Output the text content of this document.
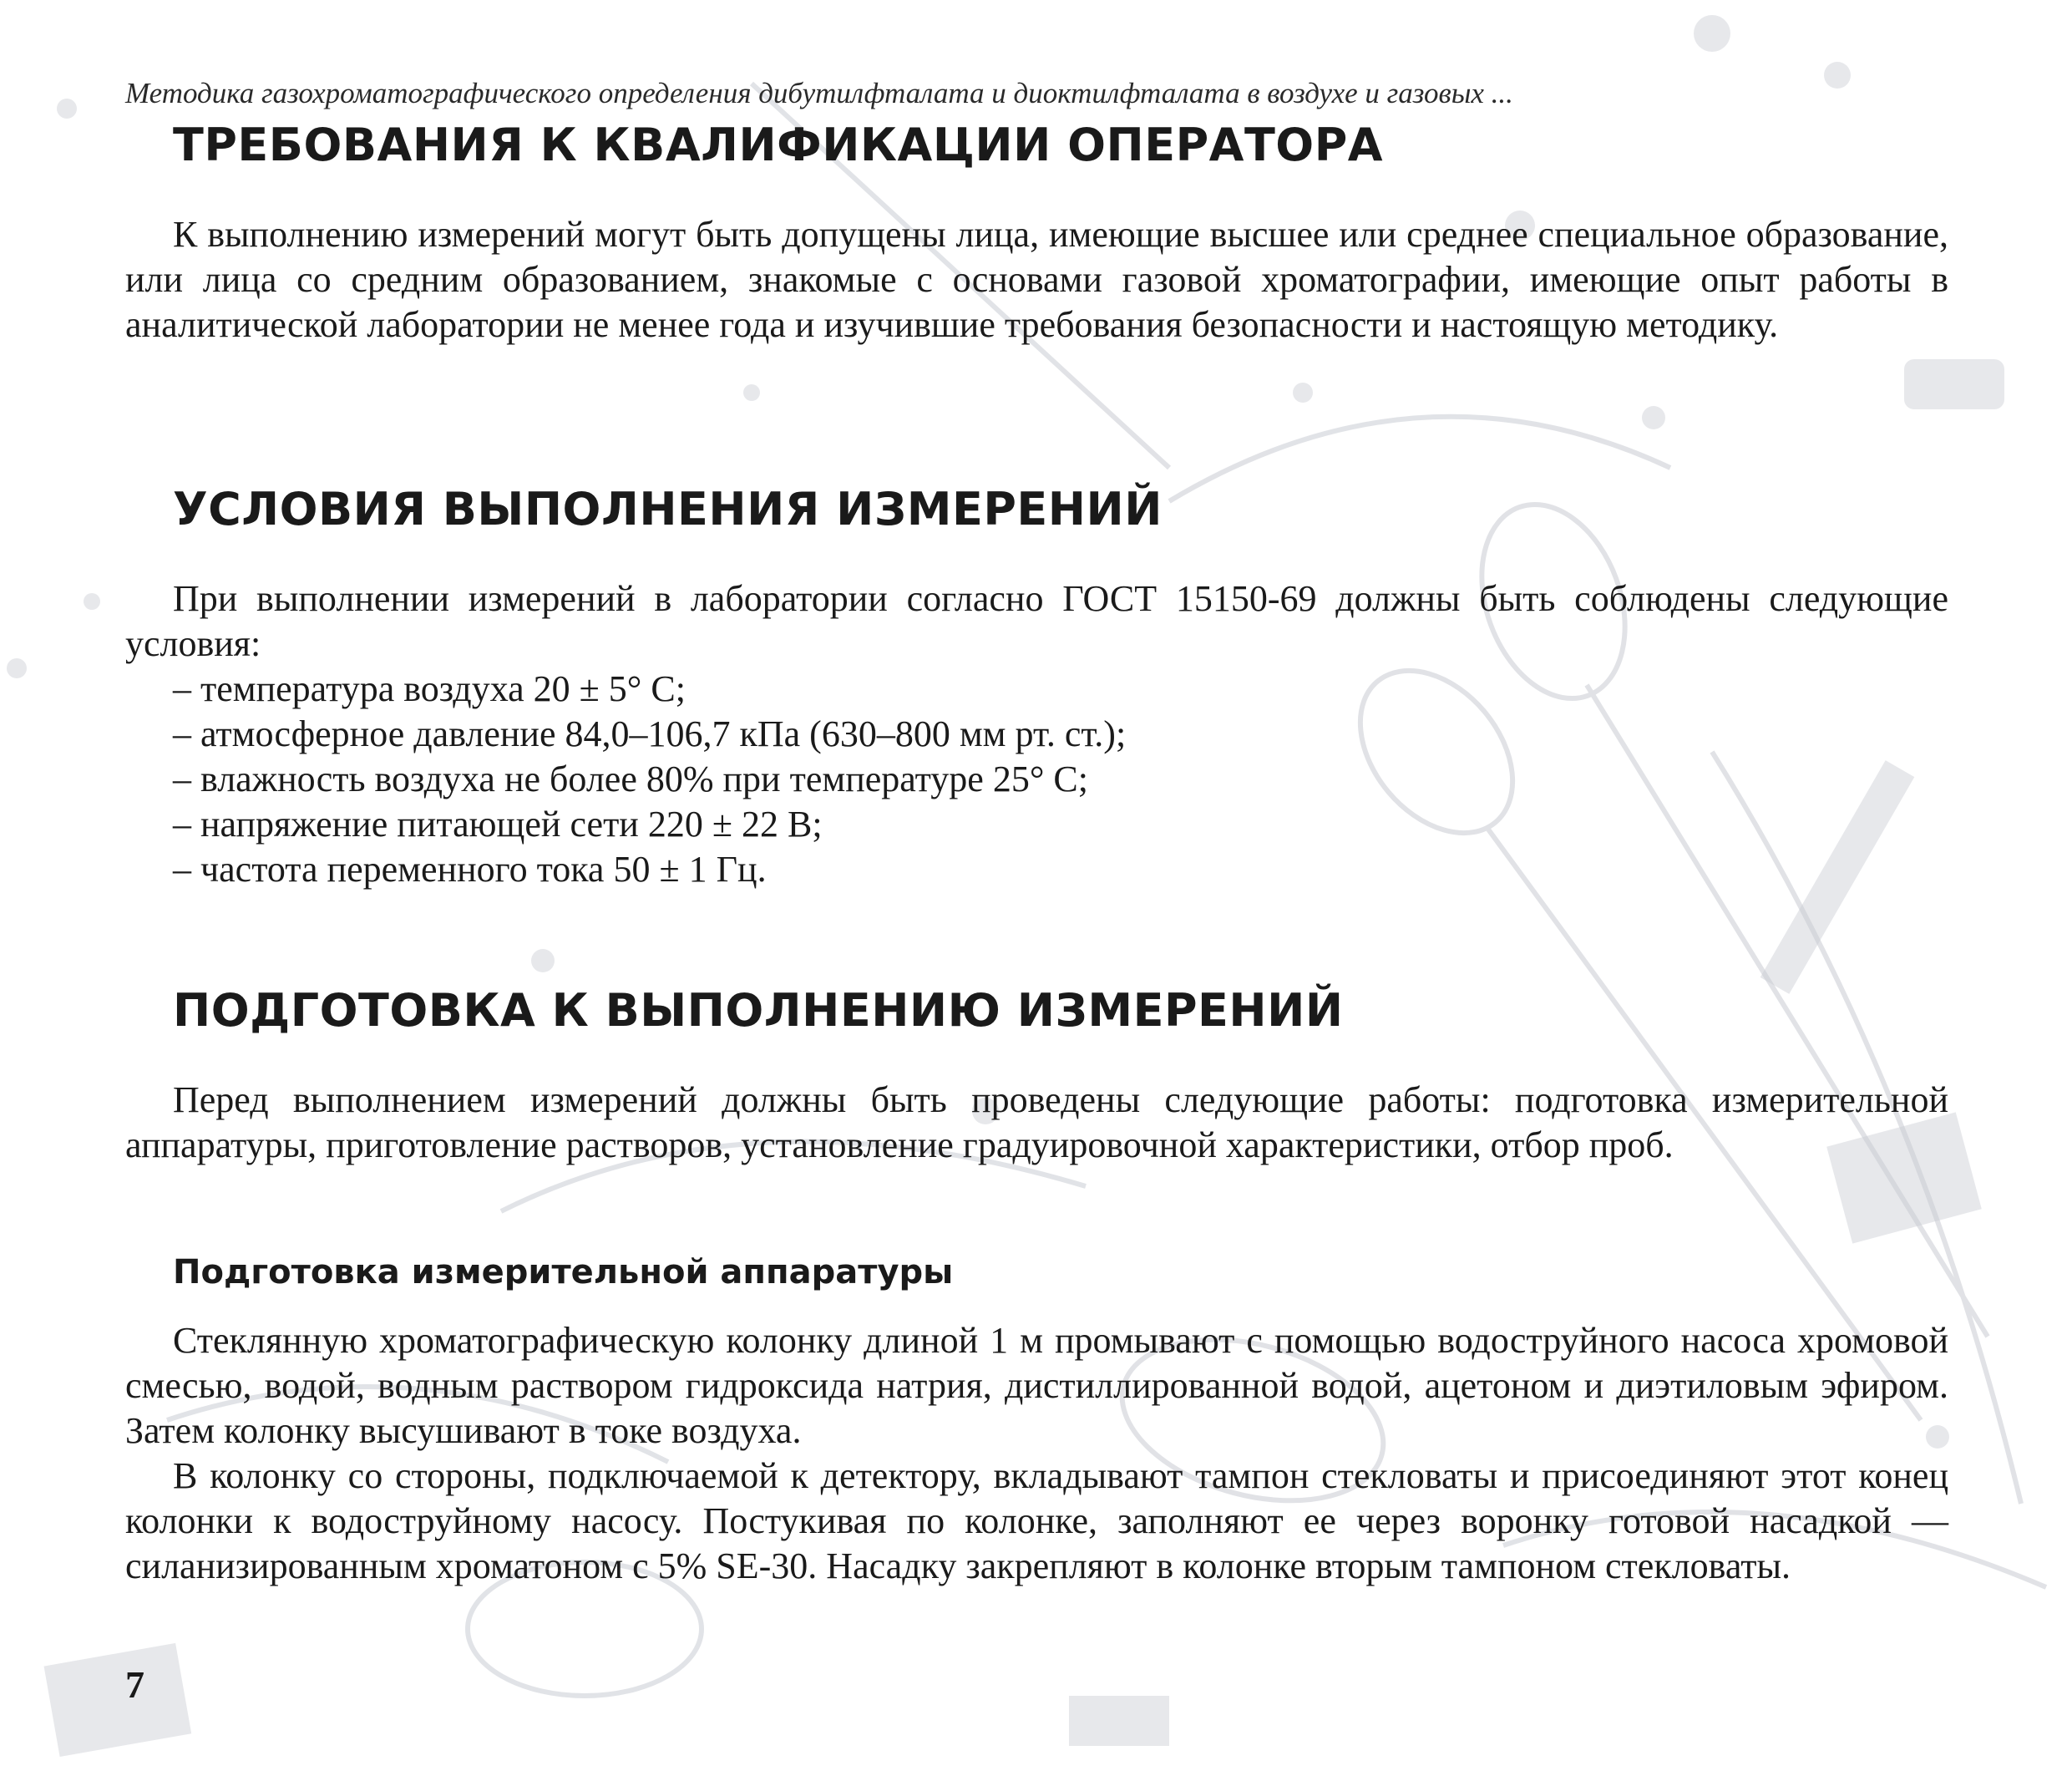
Методика газохроматографического определения дибутилфталата и диоктилфталата в воздухе и газовых ...
ТРЕБОВАНИЯ К КВАЛИФИКАЦИИ ОПЕРАТОРА

К выполнению измерений могут быть допущены лица, имеющие высшее или среднее специальное образование, или лица со средним образованием, знакомые с основами газовой хроматографии, имеющие опыт работы в аналитической лаборатории не менее года и изучившие требования безопасности и настоящую методику.

УСЛОВИЯ ВЫПОЛНЕНИЯ ИЗМЕРЕНИЙ

При выполнении измерений в лаборатории согласно ГОСТ 15150-69 должны быть соблюдены следующие условия:

– температура воздуха 20 ± 5° С;
– атмосферное давление 84,0–106,7 кПа (630–800 мм рт. ст.);
– влажность воздуха не более 80% при температуре 25° С;
– напряжение питающей сети 220 ± 22 В;
– частота переменного тока 50 ± 1 Гц.
ПОДГОТОВКА К ВЫПОЛНЕНИЮ ИЗМЕРЕНИЙ

Перед выполнением измерений должны быть проведены следующие работы: подготовка измерительной аппаратуры, приготовление растворов, установление градуировочной характеристики, отбор проб.

Подготовка измерительной аппаратуры

Стеклянную хроматографическую колонку длиной 1 м промывают с помощью водоструйного насоса хромовой смесью, водой, водным раствором гидроксида натрия, дистиллированной водой, ацетоном и диэтиловым эфиром. Затем колонку высушивают в токе воздуха.

В колонку со стороны, подключаемой к детектору, вкладывают тампон стекловаты и присоединяют этот конец колонки к водоструйному насосу. Постукивая по колонке, заполняют ее через воронку готовой насадкой — силанизированным хроматоном с 5% SE-30. Насадку закрепляют в колонке вторым тампоном стекловаты.

7
